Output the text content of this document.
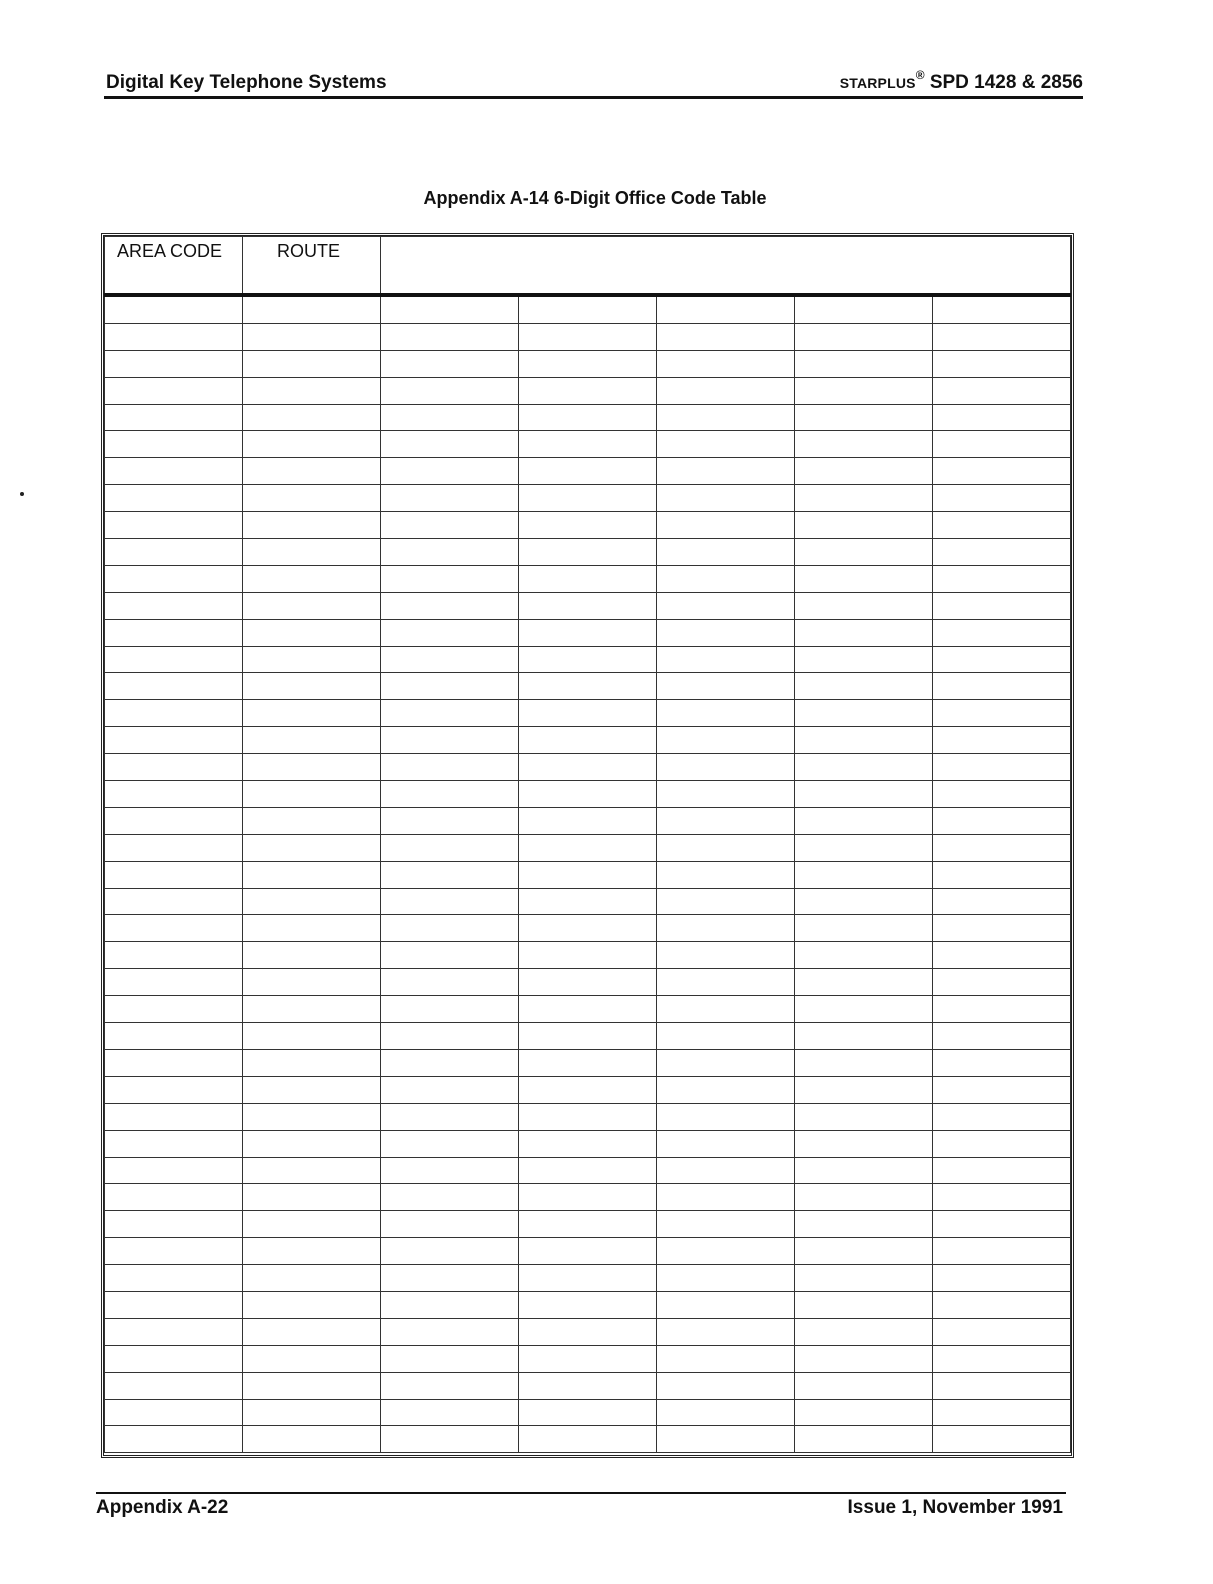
Digital Key Telephone Systems	STARPLUS® SPD 1428 & 2856
Appendix A-14 6-Digit Office Code Table
AREA CODE	ROUTE					

Appendix A-22	Issue 1, November 1991
